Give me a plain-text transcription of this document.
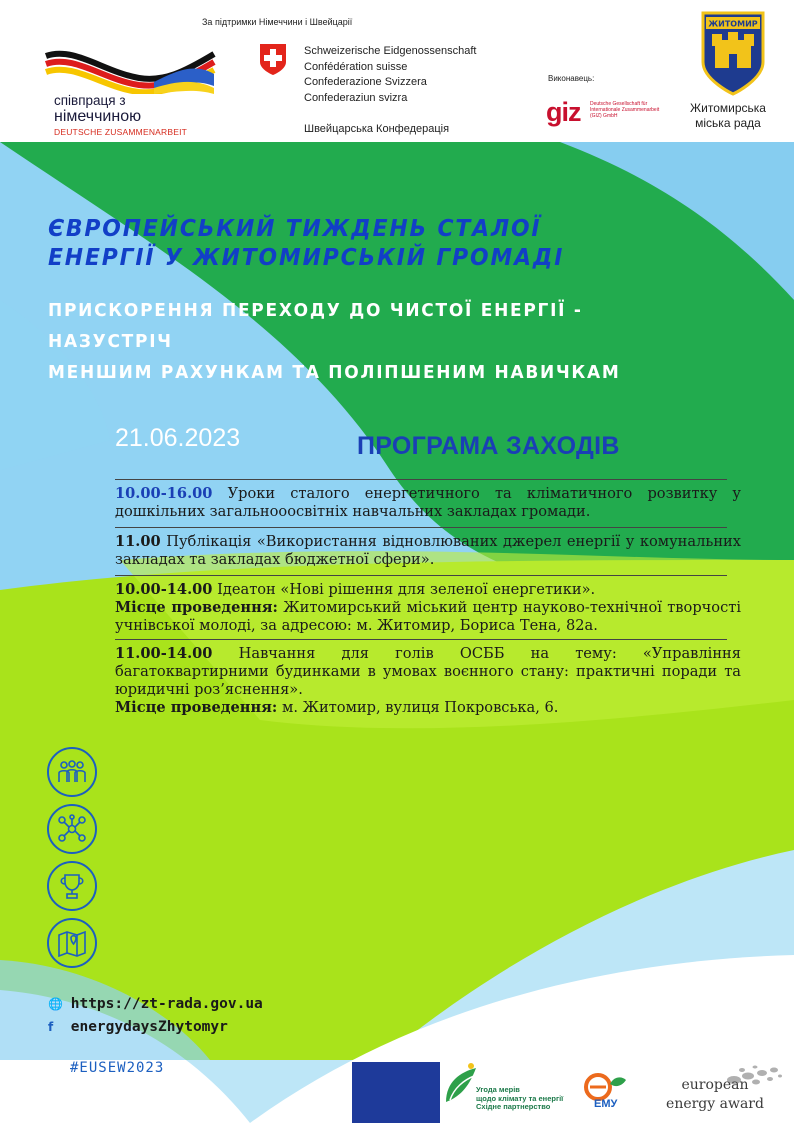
За підтримки Німеччини і Швейцарії
співпраця з
німеччиною
DEUTSCHE ZUSAMMENARBEIT
Schweizerische Eidgenossenschaft
Confédération suisse
Confederazione Svizzera
Confederaziun svizra
Швейцарська Конфедерація
Виконавець:
giz Deutsche Gesellschaft für Internationale Zusammenarbeit (GIZ) GmbH
ЖИТОМИР
Житомирська
міська рада
ЄВРОПЕЙСЬКИЙ ТИЖДЕНЬ СТАЛОЇ
ЕНЕРГІЇ У ЖИТОМИРСЬКІЙ ГРОМАДІ
ПРИСКОРЕННЯ ПЕРЕХОДУ ДО ЧИСТОЇ ЕНЕРГІЇ - НАЗУСТРІЧ
МЕНШИМ РАХУНКАМ ТА ПОЛІПШЕНИМ НАВИЧКАМ
21.06.2023	ПРОГРАМА ЗАХОДІВ

10.00-16.00 Уроки сталого енергетичного та кліматичного розвитку у дошкільних загальноооcвітніх навчальних закладах громади.

11.00 Публікація «Використання відновлюваних джерел енергії у комунальних закладах та закладах бюджетної сфери».

10.00-14.00 Ідеатон «Нові рішення для зеленої енергетики».

Місце проведення: Житомирський міський центр науково-технічної творчості учнівської молоді, за адресою: м. Житомир, Бориса Тена, 82а.

11.00-14.00 Навчання для голів ОСББ на тему: «Управління багатоквартирними будинками в умовах воєнного стану: практичні поради та юридичні роз’яснення».

Місце проведення: м. Житомир, вулиця Покровська, 6.

🌐 https://zt-rada.gov.ua
f energydaysZhytomyr
#EUSEW2023
Угода мерів
щодо клімату та енергії
Східне партнерство	ЕМУ
european
energy award
